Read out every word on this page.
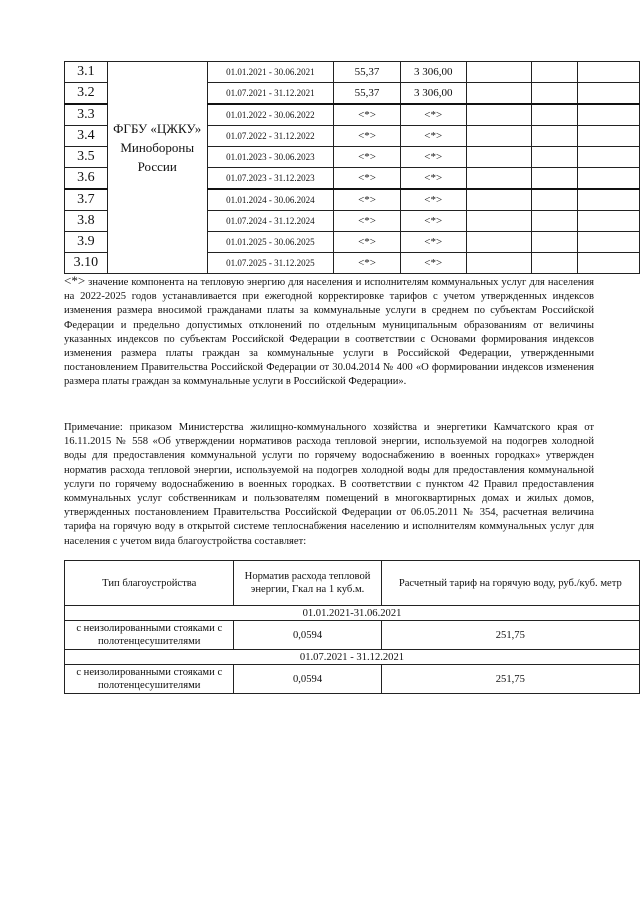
3.1	ФГБУ «ЦЖКУ» Минобороны России	01.01.2021 - 30.06.2021	55,37	3 306,00			
3.2		01.07.2021 - 31.12.2021	55,37	3 306,00			
3.3		01.01.2022 - 30.06.2022	<*>	<*>			
3.4		01.07.2022 - 31.12.2022	<*>	<*>			
3.5		01.01.2023 - 30.06.2023	<*>	<*>			
3.6		01.07.2023 - 31.12.2023	<*>	<*>			
3.7		01.01.2024 - 30.06.2024	<*>	<*>			
3.8		01.07.2024 - 31.12.2024	<*>	<*>			
3.9		01.01.2025 - 30.06.2025	<*>	<*>			
3.10		01.07.2025 - 31.12.2025	<*>	<*>			

<*> значение компонента на тепловую энергию для населения и исполнителям коммунальных услуг для населения на 2022-2025 годов устанавливается при ежегодной корректировке тарифов с учетом утвержденных индексов изменения размера вносимой гражданами платы за коммунальные услуги в среднем по субъектам Российской Федерации и предельно допустимых отклонений по отдельным муниципальным образованиям от величины указанных индексов по субъектам Российской Федерации в соответствии с Основами формирования индексов изменения размера платы граждан за коммунальные услуги в Российской Федерации, утвержденными постановлением Правительства Российской Федерации от 30.04.2014 № 400 «О формировании индексов изменения размера платы граждан за коммунальные услуги в Российской Федерации».

Примечание: приказом Министерства жилищно-коммунального хозяйства и энергетики Камчатского края от 16.11.2015 № 558 «Об утверждении нормативов расхода тепловой энергии, используемой на подогрев холодной воды для предоставления коммунальной услуги по горячему водоснабжению в военных городках» утвержден норматив расхода тепловой энергии, используемой на подогрев холодной воды для предоставления коммунальной услуги по горячему водоснабжению в военных городках. В соответствии с пунктом 42 Правил предоставления коммунальных услуг собственникам и пользователям помещений в многоквартирных домах и жилых домов, утвержденных постановлением Правительства Российской Федерации от 06.05.2011 № 354, расчетная величина тарифа на горячую воду в открытой системе теплоснабжения населению и исполнителям коммунальных услуг для населения с учетом вида благоустройства составляет:

Тип благоустройства	Норматив расхода тепловой энергии, Гкал на 1 куб.м.	Расчетный тариф на горячую воду, руб./куб. метр
01.01.2021-31.06.2021		
с неизолированными стояками с полотенцесушителями	0,0594	251,75
01.07.2021 - 31.12.2021		
с неизолированными стояками с полотенцесушителями	0,0594	251,75
